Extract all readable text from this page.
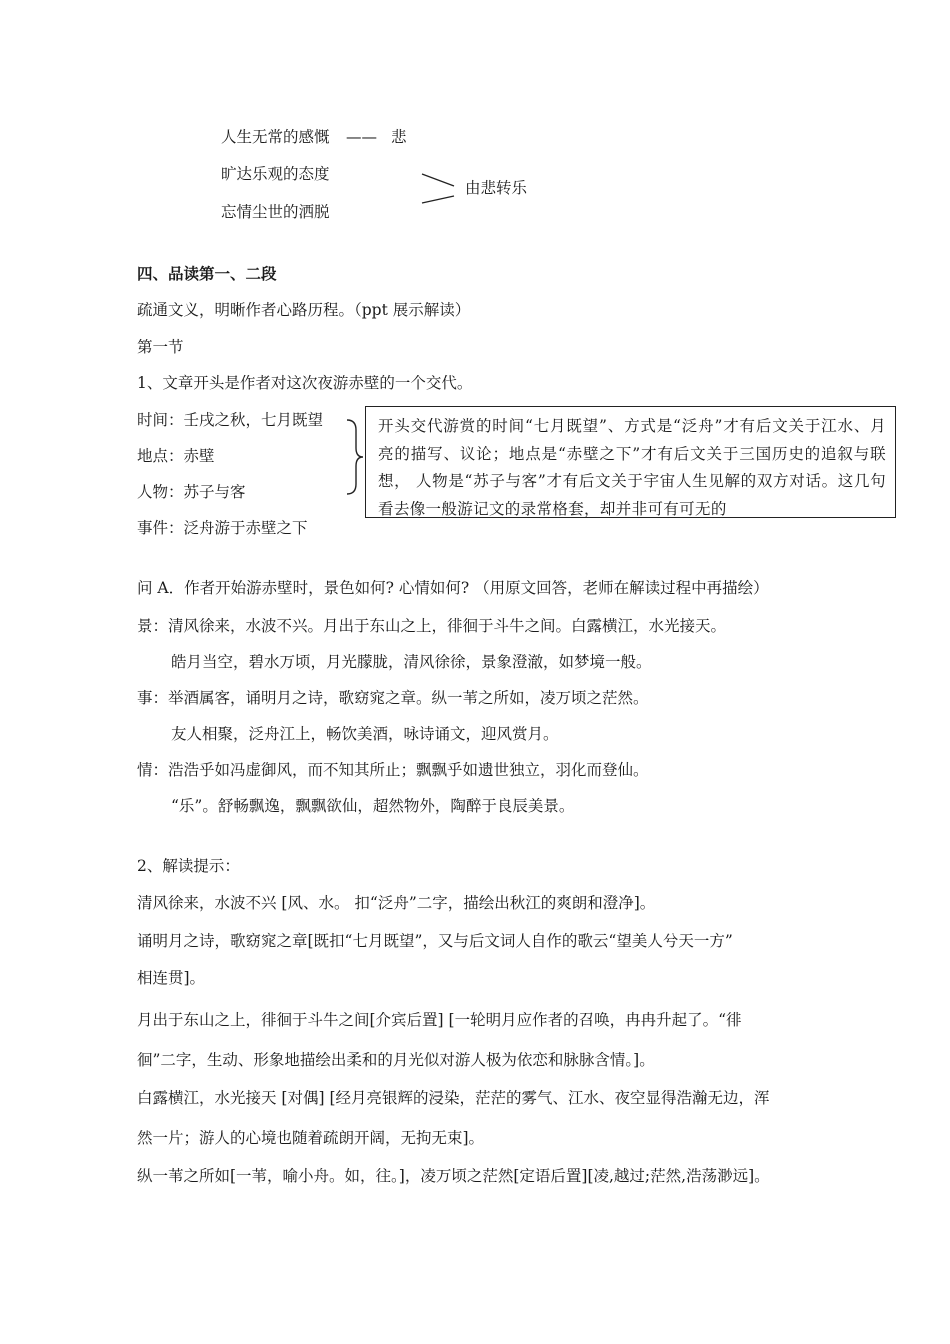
人生无常的感慨 —— 悲
旷达乐观的态度
忘情尘世的洒脱
由悲转乐
四、品读第一、二段
疏通文义，明晰作者心路历程。（ppt 展示解读）
第一节
1、文章开头是作者对这次夜游赤壁的一个交代。
时间：壬戌之秋，七月既望
地点：赤壁
人物：苏子与客
事件：泛舟游于赤壁之下
开头交代游赏的时间“七月既望”、方式是“泛舟”才有后文关于江水、月亮的描写、议论；地点是“赤壁之下”才有后文关于三国历史的追叙与联想， 人物是“苏子与客”才有后文关于宇宙人生见解的双方对话。这几句看去像一般游记文的录常格套，却并非可有可无的
问 A．作者开始游赤壁时，景色如何? 心情如何? （用原文回答，老师在解读过程中再描绘）
景： 清风徐来，水波不兴。月出于东山之上，徘徊于斗牛之间。白露横江，水光接天。
皓月当空，碧水万顷，月光朦胧，清风徐徐，景象澄澈，如梦境一般。
事： 举酒属客，诵明月之诗，歌窈窕之章。纵一苇之所如，凌万顷之茫然。
友人相聚，泛舟江上，畅饮美酒，咏诗诵文，迎风赏月。
情： 浩浩乎如冯虚御风，而不知其所止；飘飘乎如遗世独立，羽化而登仙。
“乐”。舒畅飘逸，飘飘欲仙，超然物外，陶醉于良辰美景。
2、解读提示：
清风徐来，水波不兴 [风、水。 扣“泛舟”二字，描绘出秋江的爽朗和澄净]。
诵明月之诗，歌窈窕之章[既扣“七月既望”，又与后文词人自作的歌云“望美人兮天一方”
相连贯]。
月出于东山之上，徘徊于斗牛之间[介宾后置] [一轮明月应作者的召唤，冉冉升起了。“徘
徊”二字，生动、形象地描绘出柔和的月光似对游人极为依恋和脉脉含情。]。
白露横江，水光接天 [对偶] [经月亮银辉的浸染，茫茫的雾气、江水、夜空显得浩瀚无边，浑
然一片；游人的心境也随着疏朗开阔，无拘无束]。
纵一苇之所如[一苇，喻小舟。如，往。]，凌万顷之茫然[定语后置][凌,越过;茫然,浩荡渺远]。
